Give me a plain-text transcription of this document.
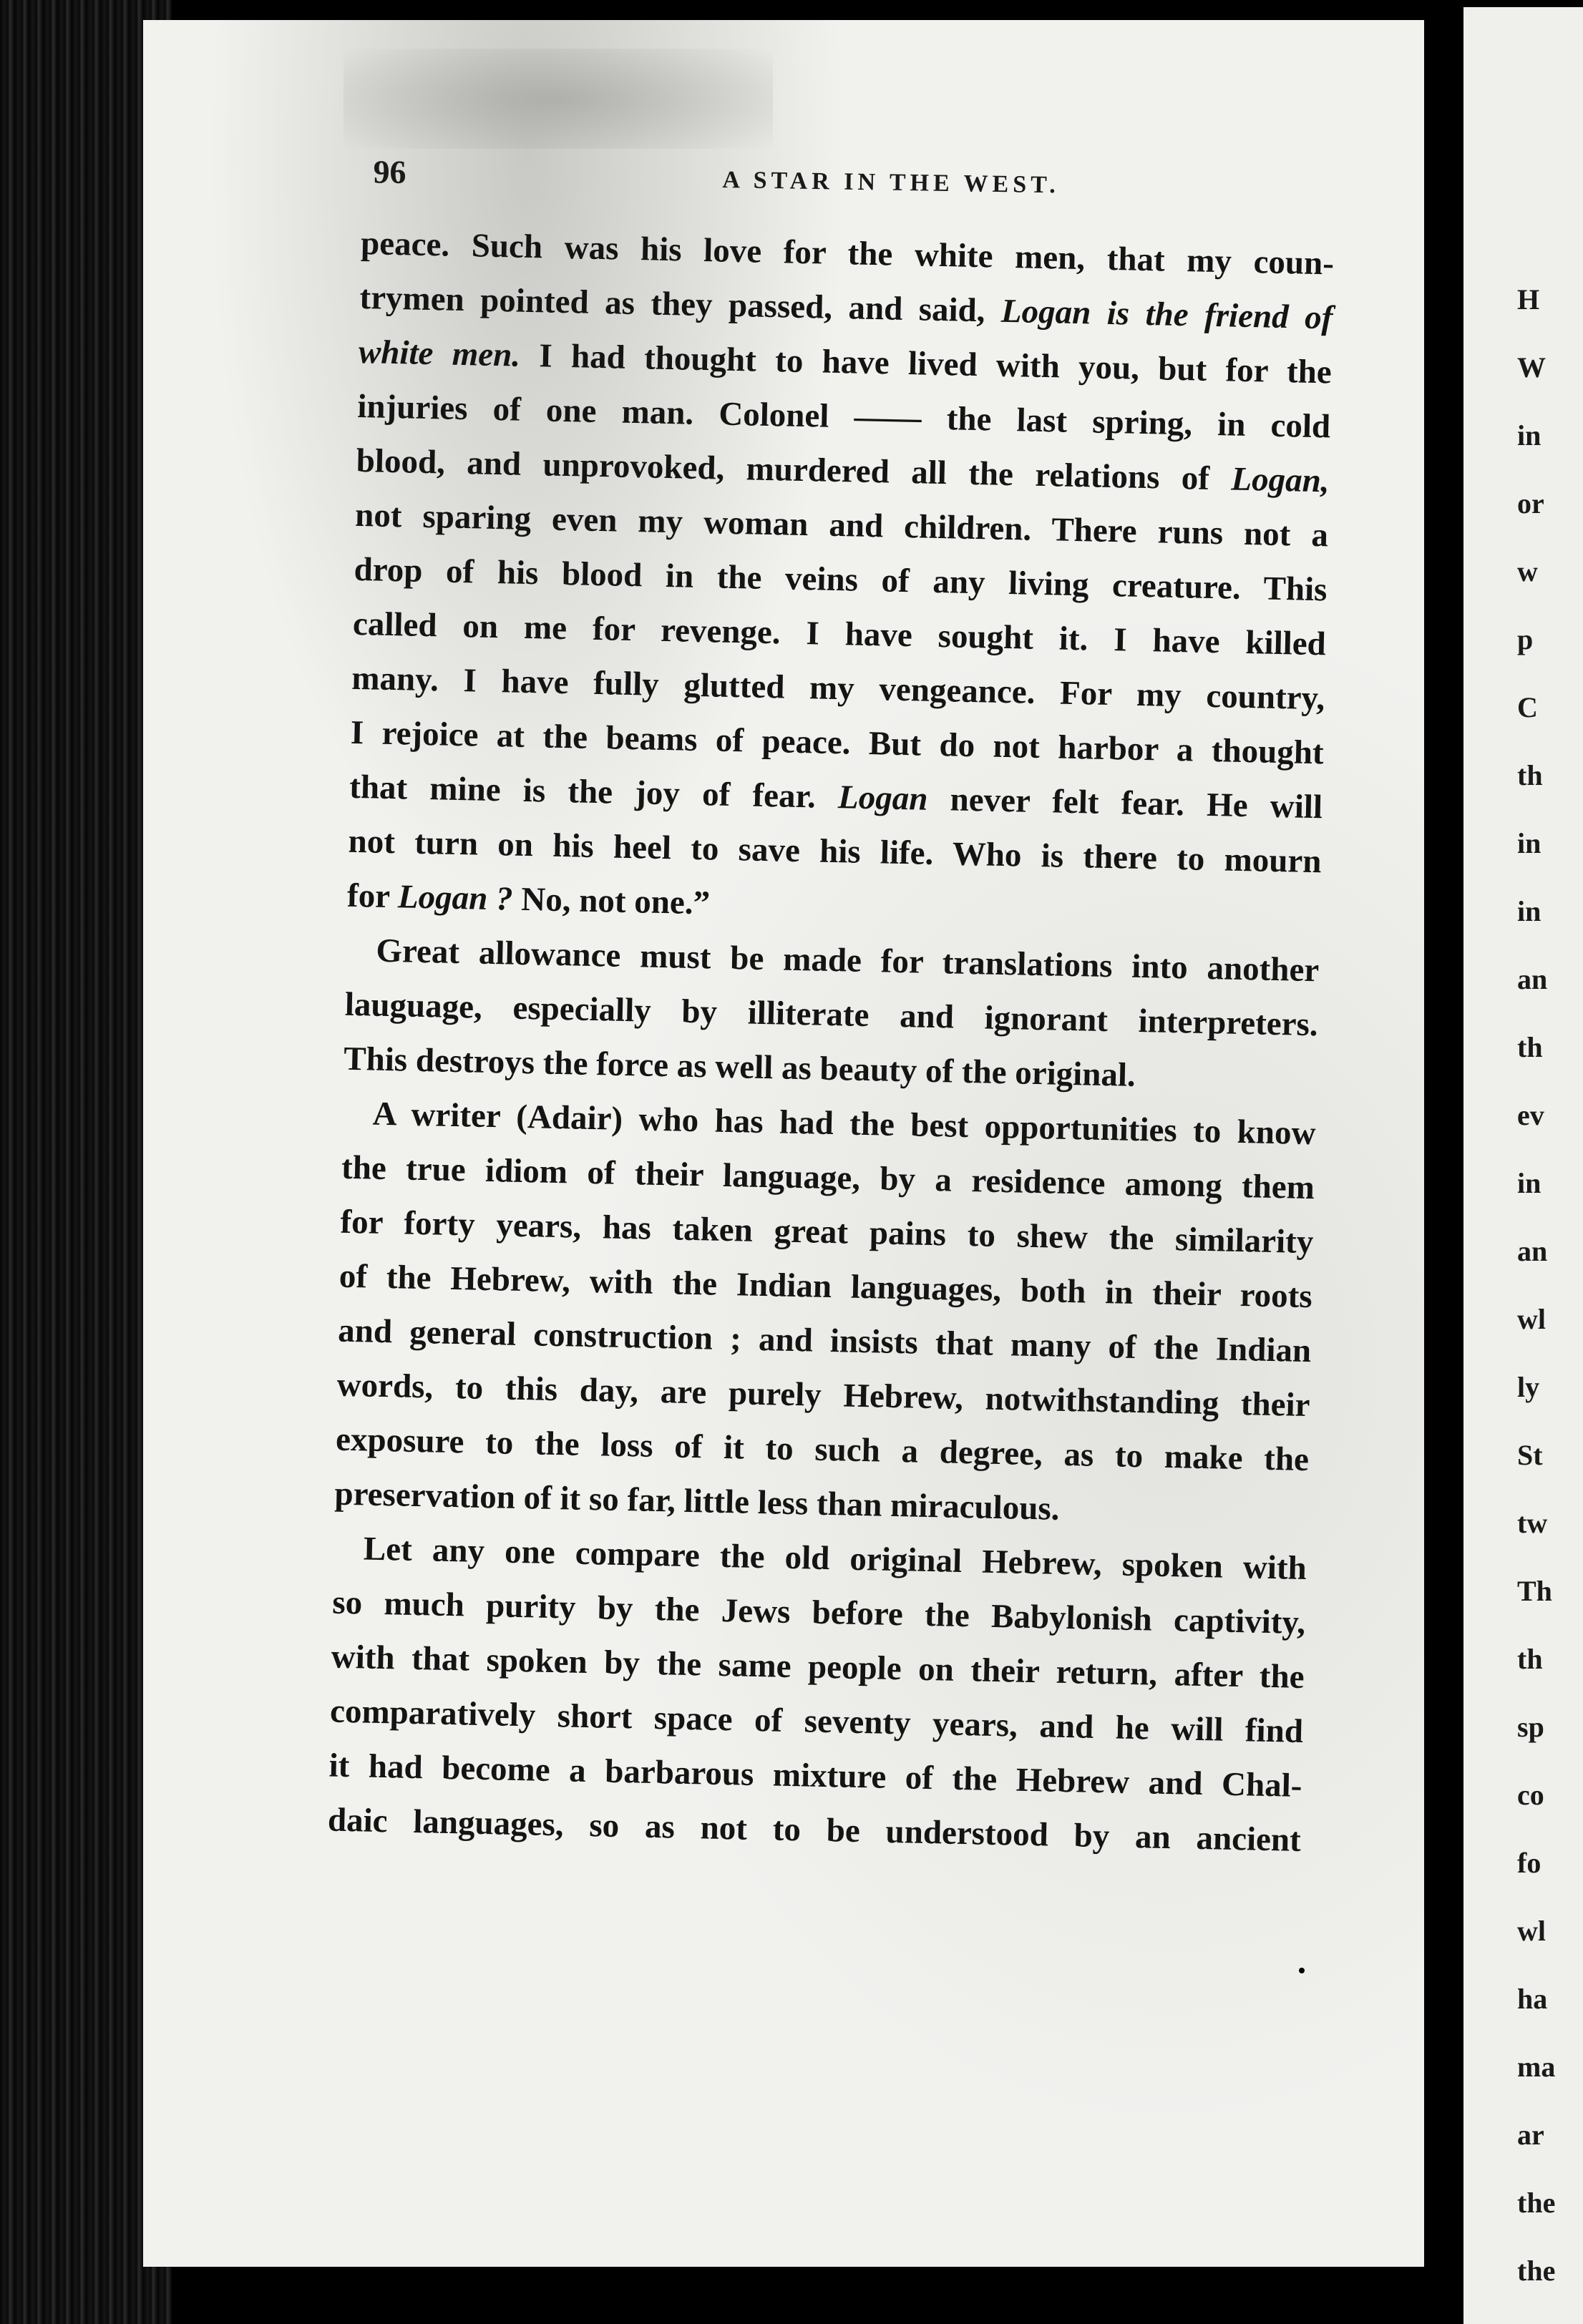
96	A STAR IN THE WEST.
peace. Such was his love for the white men, that my coun-
trymen pointed as they passed, and said, Logan is the friend of
white men. I had thought to have lived with you, but for the
injuries of one man. Colonel —— the last spring, in cold
blood, and unprovoked, murdered all the relations of Logan,
not sparing even my woman and children. There runs not a
drop of his blood in the veins of any living creature. This
called on me for revenge. I have sought it. I have killed
many. I have fully glutted my vengeance. For my country,
I rejoice at the beams of peace. But do not harbor a thought
that mine is the joy of fear. Logan never felt fear. He will
not turn on his heel to save his life. Who is there to mourn
for Logan ? No, not one.”
Great allowance must be made for translations into another
lauguage, especially by illiterate and ignorant interpreters.
This destroys the force as well as beauty of the original.
A writer (Adair) who has had the best opportunities to know
the true idiom of their language, by a residence among them
for forty years, has taken great pains to shew the similarity
of the Hebrew, with the Indian languages, both in their roots
and general construction ; and insists that many of the Indian
words, to this day, are purely Hebrew, notwithstanding their
exposure to the loss of it to such a degree, as to make the
preservation of it so far, little less than miraculous.
Let any one compare the old original Hebrew, spoken with
so much purity by the Jews before the Babylonish captivity,
with that spoken by the same people on their return, after the
comparatively short space of seventy years, and he will find
it had become a barbarous mixture of the Hebrew and Chal-
daic languages, so as not to be understood by an ancient
H
W
in
or
w
p
C
th
in
in
an
th
ev
in
an
wl
ly
St
tw
Th
th
sp
co
fo
wl
ha
ma
ar
the
the
